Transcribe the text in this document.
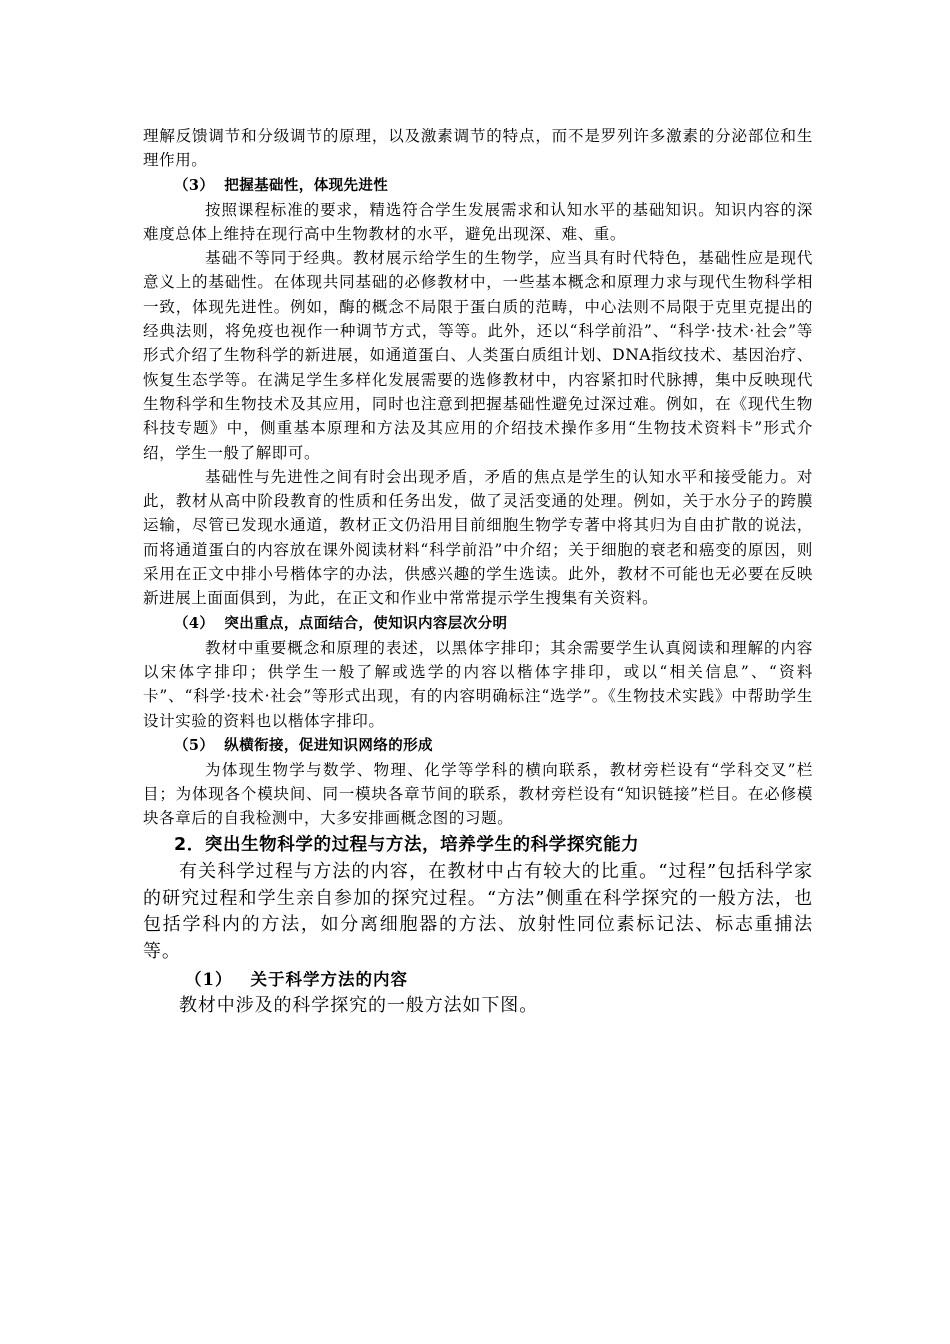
理解反馈调节和分级调节的原理，以及激素调节的特点，而不是罗列许多激素的分泌部位和生理作用。

（3） 把握基础性，体现先进性

按照课程标准的要求，精选符合学生发展需求和认知水平的基础知识。知识内容的深难度总体上维持在现行高中生物教材的水平，避免出现深、难、重。

基础不等同于经典。教材展示给学生的生物学，应当具有时代特色，基础性应是现代意义上的基础性。在体现共同基础的必修教材中，一些基本概念和原理力求与现代生物科学相一致，体现先进性。例如，酶的概念不局限于蛋白质的范畴，中心法则不局限于克里克提出的经典法则，将免疫也视作一种调节方式，等等。此外，还以“科学前沿”、“科学·技术·社会”等形式介绍了生物科学的新进展，如通道蛋白、人类蛋白质组计划、DNA指纹技术、基因治疗、恢复生态学等。在满足学生多样化发展需要的选修教材中，内容紧扣时代脉搏，集中反映现代生物科学和生物技术及其应用，同时也注意到把握基础性避免过深过难。例如，在《现代生物科技专题》中，侧重基本原理和方法及其应用的介绍技术操作多用“生物技术资料卡”形式介绍，学生一般了解即可。

基础性与先进性之间有时会出现矛盾，矛盾的焦点是学生的认知水平和接受能力。对此，教材从高中阶段教育的性质和任务出发，做了灵活变通的处理。例如，关于水分子的跨膜运输，尽管已发现水通道，教材正文仍沿用目前细胞生物学专著中将其归为自由扩散的说法，而将通道蛋白的内容放在课外阅读材料“科学前沿”中介绍；关于细胞的衰老和癌变的原因，则采用在正文中排小号楷体字的办法，供感兴趣的学生选读。此外，教材不可能也无必要在反映新进展上面面俱到，为此，在正文和作业中常常提示学生搜集有关资料。

（4） 突出重点，点面结合，使知识内容层次分明

教材中重要概念和原理的表述，以黑体字排印；其余需要学生认真阅读和理解的内容以宋体字排印；供学生一般了解或选学的内容以楷体字排印，或以“相关信息”、“资料卡”、“科学·技术·社会”等形式出现，有的内容明确标注“选学”。《生物技术实践》中帮助学生设计实验的资料也以楷体字排印。

（5） 纵横衔接，促进知识网络的形成

为体现生物学与数学、物理、化学等学科的横向联系，教材旁栏设有“学科交叉”栏目；为体现各个模块间、同一模块各章节间的联系，教材旁栏设有“知识链接”栏目。在必修模块各章后的自我检测中，大多安排画概念图的习题。

2．突出生物科学的过程与方法，培养学生的科学探究能力

有关科学过程与方法的内容，在教材中占有较大的比重。“过程”包括科学家的研究过程和学生亲自参加的探究过程。“方法”侧重在科学探究的一般方法，也包括学科内的方法，如分离细胞器的方法、放射性同位素标记法、标志重捕法等。

（1） 关于科学方法的内容

教材中涉及的科学探究的一般方法如下图。
